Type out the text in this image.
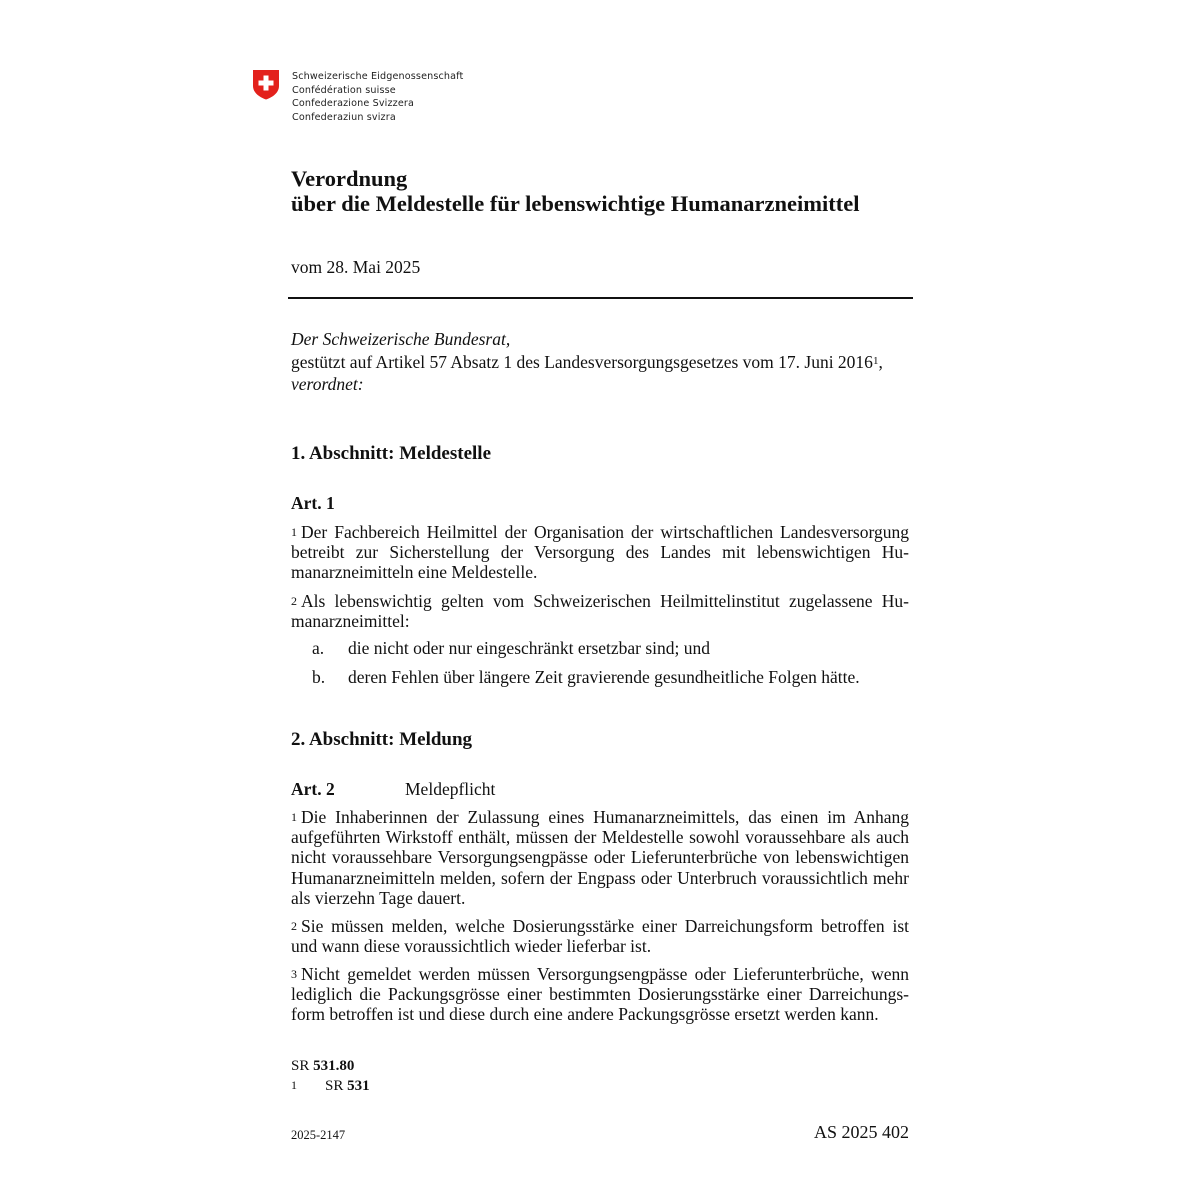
Schweizerische Eidgenossenschaft
Confédération suisse
Confederazione Svizzera
Confederaziun svizra
Verordnung
über die Meldestelle für lebenswichtige Humanarzneimittel
vom 28. Mai 2025
Der Schweizerische Bundesrat,
gestützt auf Artikel 57 Absatz 1 des Landesversorgungsgesetzes vom 17. Juni 2016$^1$,
verordnet:
1. Abschnitt: Meldestelle
Art. 1
$^1$ Der Fachbereich Heilmittel der Organisation der wirtschaftlichen Landesversorgung betreibt zur Sicherstellung der Versorgung des Landes mit lebenswichtigen Humanarzneimitteln eine Meldestelle.
$^2$ Als lebenswichtig gelten vom Schweizerischen Heilmittelinstitut zugelassene Humanarzneimittel:
a. die nicht oder nur eingeschränkt ersetzbar sind; und
b. deren Fehlen über längere Zeit gravierende gesundheitliche Folgen hätte.
2. Abschnitt: Meldung
Art. 2	Meldepflicht
$^1$ Die Inhaberinnen der Zulassung eines Humanarzneimittels, das einen im Anhang aufgeführten Wirkstoff enthält, müssen der Meldestelle sowohl voraussehbare als auch nicht voraussehbare Versorgungsengpässe oder Lieferunterbrüche von lebenswichtigen Humanarzneimitteln melden, sofern der Engpass oder Unterbruch voraussichtlich mehr als vierzehn Tage dauert.
$^2$ Sie müssen melden, welche Dosierungsstärke einer Darreichungsform betroffen ist und wann diese voraussichtlich wieder lieferbar ist.
$^3$ Nicht gemeldet werden müssen Versorgungsengpässe oder Lieferunterbrüche, wenn lediglich die Packungsgrösse einer bestimmten Dosierungsstärke einer Darreichungsform betroffen ist und diese durch eine andere Packungsgrösse ersetzt werden kann.
SR 531.80
1 SR 531
2025-2147	AS 2025 402
